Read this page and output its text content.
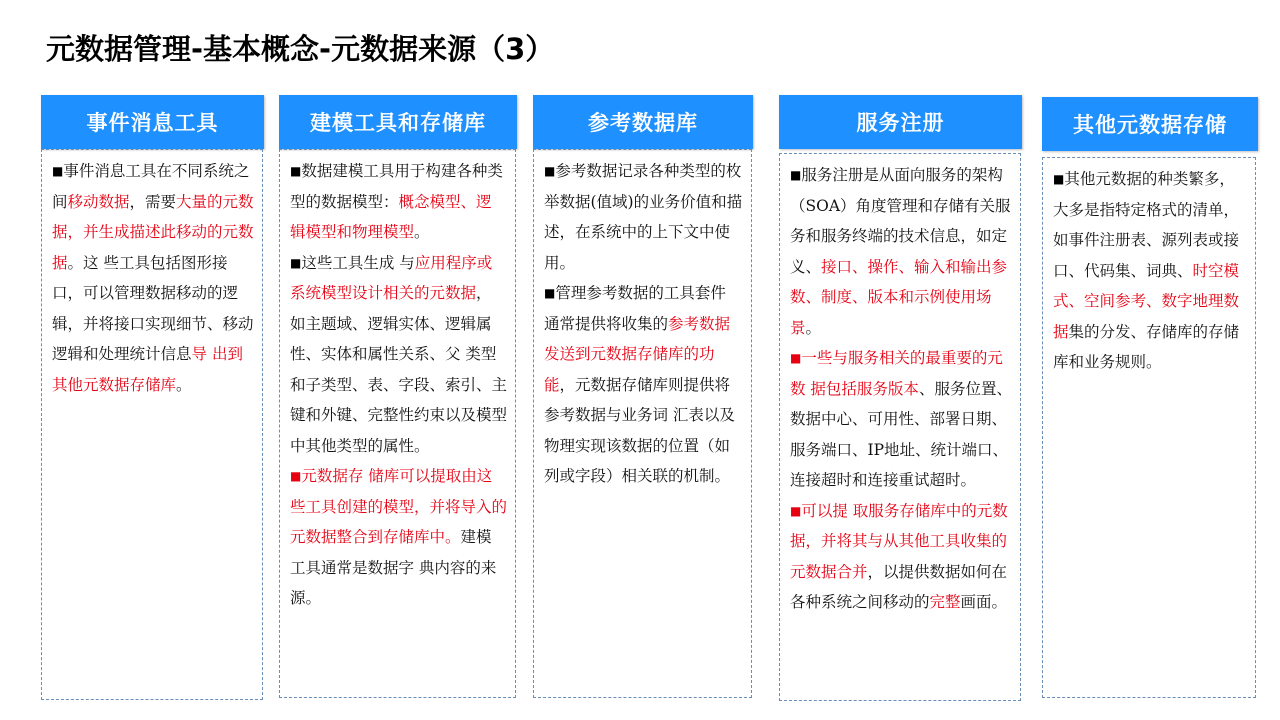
元数据管理-基本概念-元数据来源（3）
事件消息工具

■事件消息工具在不同系统之间移动数据，需要大量的元数据，并生成描述此移动的元数据。这 些工具包括图形接口，可以管理数据移动的逻辑，并将接口实现细节、移动逻辑和处理统计信息导 出到其他元数据存储库。

建模工具和存储库

■数据建模工具用于构建各种类型的数据模型：概念模型、逻辑模型和物理模型。

■这些工具生成 与应用程序或系统模型设计相关的元数据，如主题域、逻辑实体、逻辑属性、实体和属性关系、父 类型和子类型、表、字段、索引、主键和外键、完整性约束以及模型中其他类型的属性。

■元数据存 储库可以提取由这些工具创建的模型，并将导入的元数据整合到存储库中。建模工具通常是数据字 典内容的来源。

参考数据库

■参考数据记录各种类型的枚举数据(值域)的业务价值和描述，在系统中的上下文中使用。

■管理参考数据的工具套件 通常提供将收集的参考数据发送到元数据存储库的功能，元数据存储库则提供将参考数据与业务词 汇表以及物理实现该数据的位置（如列或字段）相关联的机制。

服务注册

■服务注册是从面向服务的架构（SOA）角度管理和存储有关服务和服务终端的技术信息，如定 义、接口、操作、输入和输出参数、制度、版本和示例使用场景。

■一些与服务相关的最重要的元数 据包括服务版本、服务位置、数据中心、可用性、部署日期、服务端口、IP地址、统计端口、连接超时和连接重试超时。

■可以提 取服务存储库中的元数据，并将其与从其他工具收集的元数据合并，以提供数据如何在各种系统之间移动的完整画面。

其他元数据存储

■其他元数据的种类繁多，大多是指特定格式的清单，如事件注册表、源列表或接口、代码集、词典、时空模式、空间参考、数字地理数据集的分发、存储库的存储库和业务规则。
